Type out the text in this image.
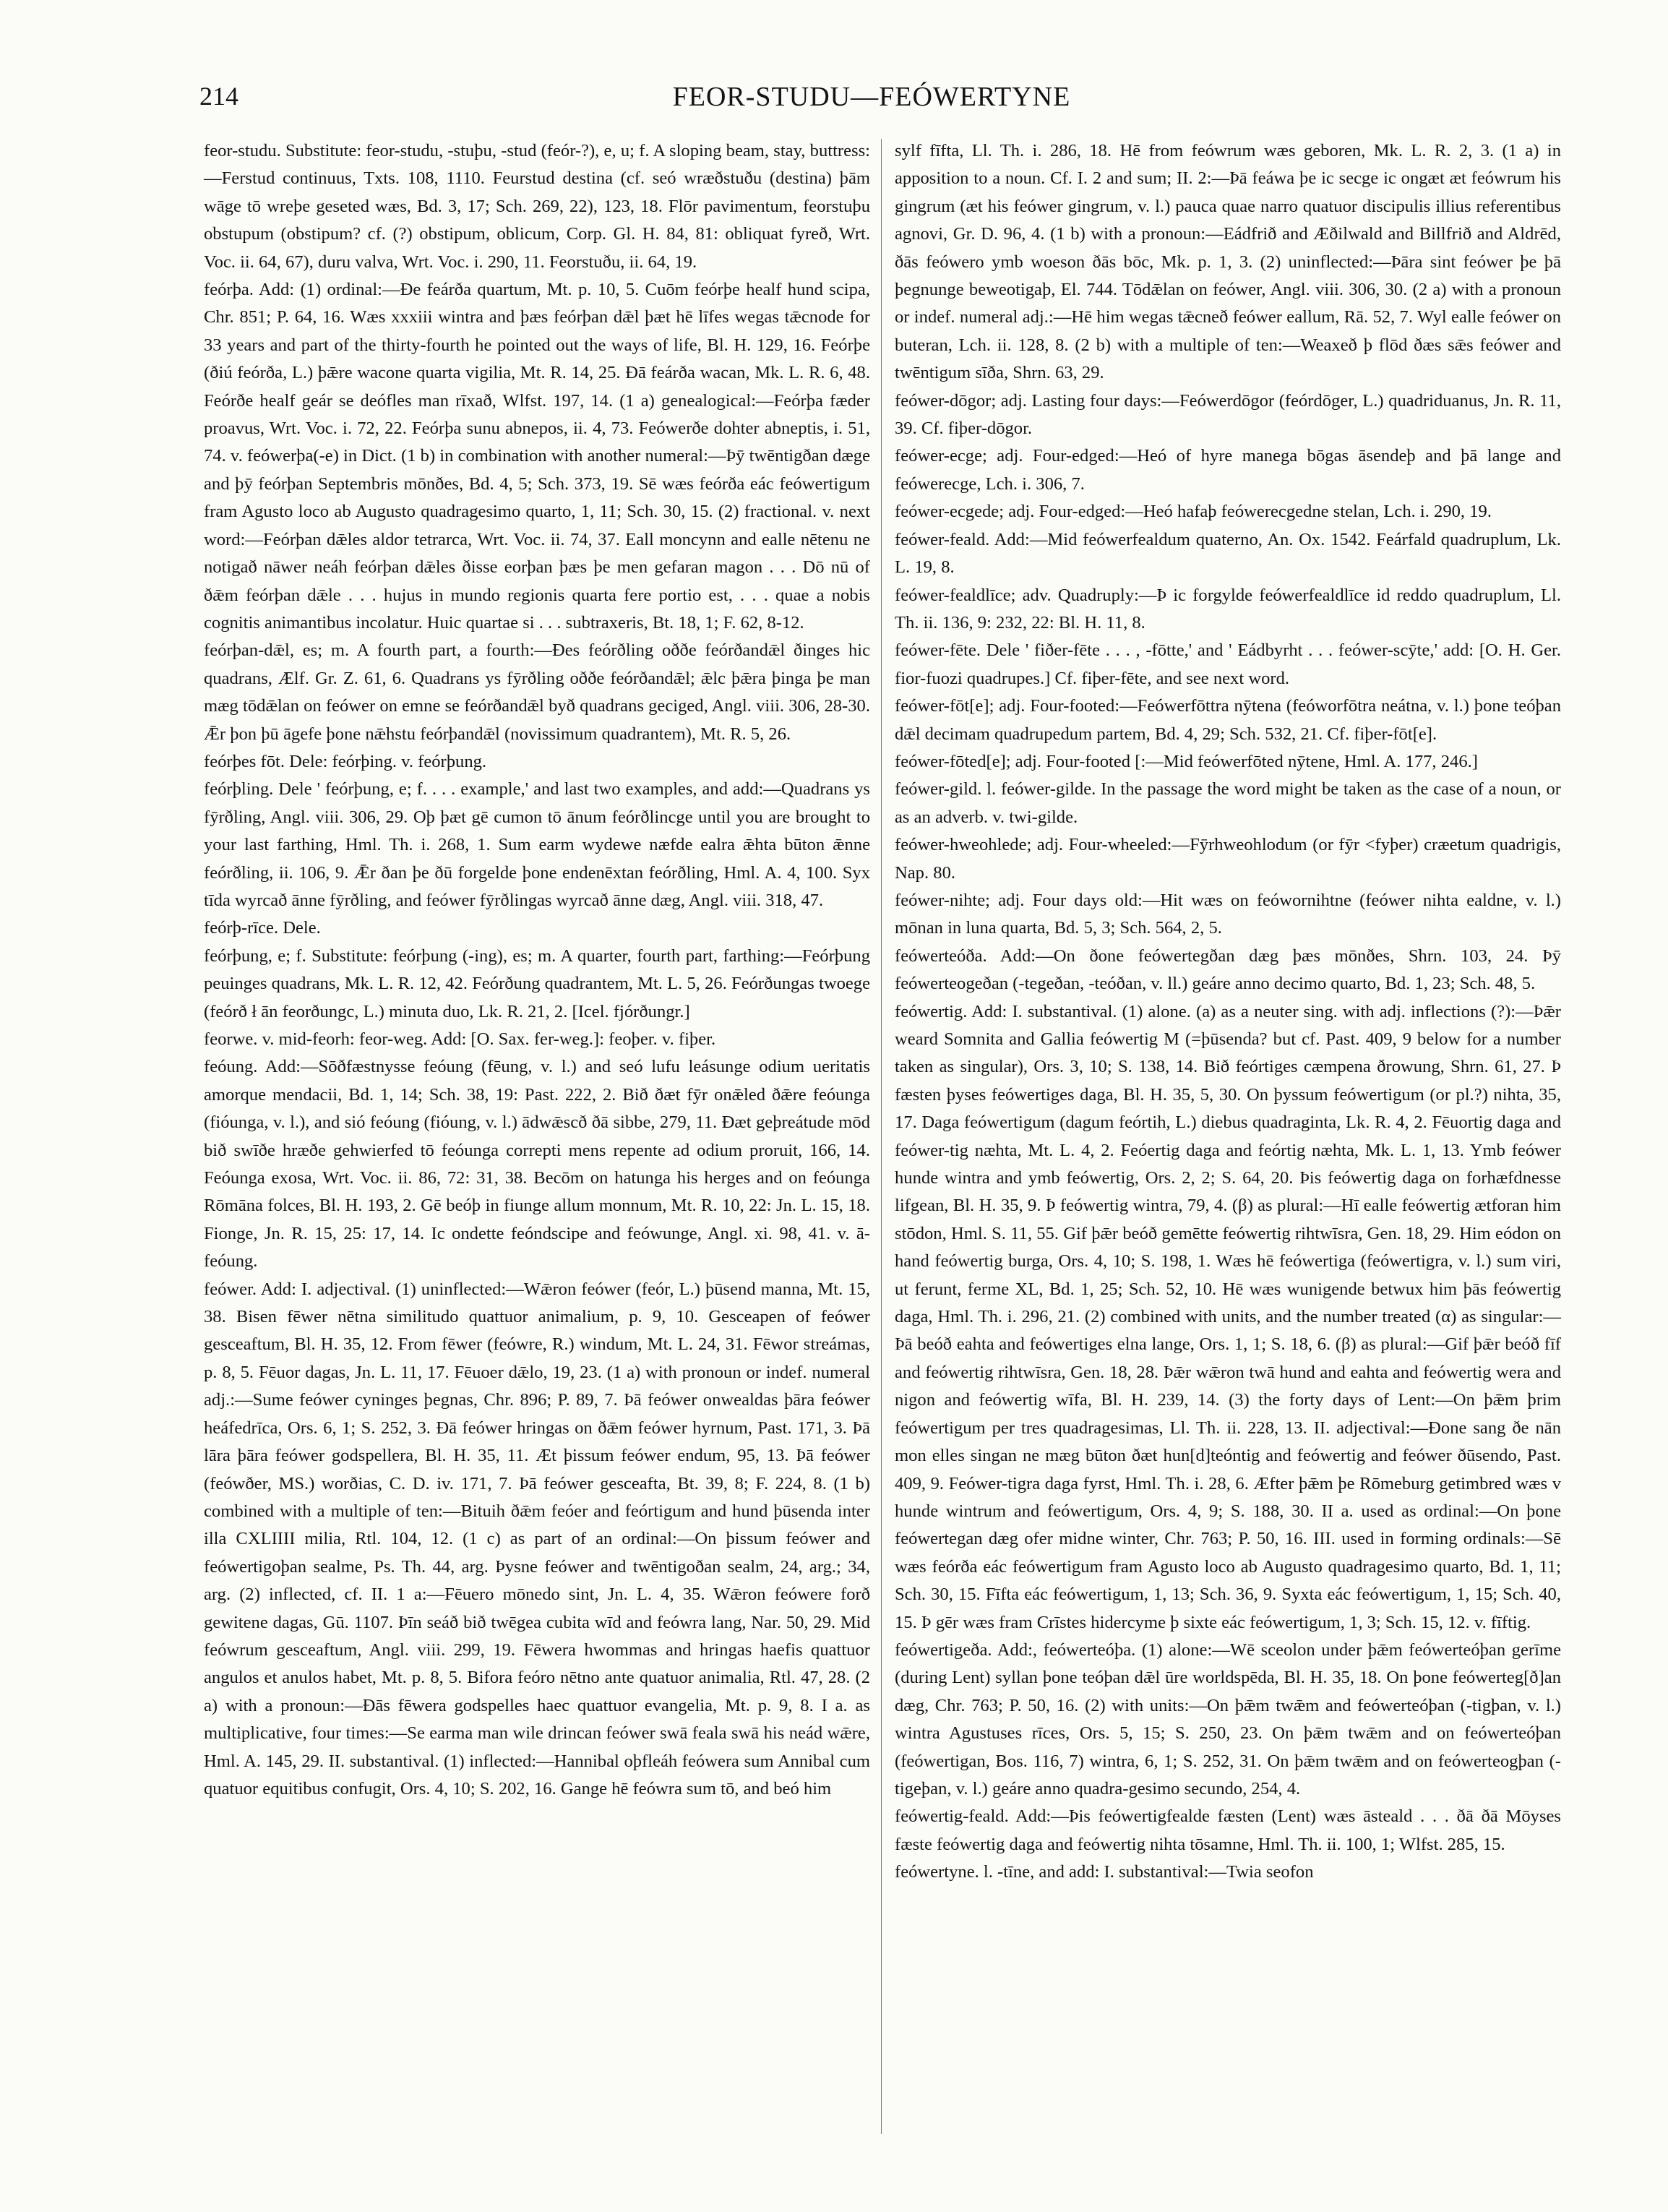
214	FEOR-STUDU—FEÓWERTYNE

feor-studu. Substitute: feor-studu, -stuþu, -stud (feór-?), e, u; f. A sloping beam, stay, buttress:—Ferstud continuus, Txts. 108, 1110. Feurstud destina (cf. seó wræðstuðu (destina) þām wāge tō wreþe geseted wæs, Bd. 3, 17; Sch. 269, 22), 123, 18. Flōr pavimentum, feorstuþu obstupum (obstipum? cf. (?) obstipum, oblicum, Corp. Gl. H. 84, 81: obliquat fyreð, Wrt. Voc. ii. 64, 67), duru valva, Wrt. Voc. i. 290, 11. Feorstuðu, ii. 64, 19.

feórþa. Add: (1) ordinal:—Ðe feárða quartum, Mt. p. 10, 5. Cuōm feórþe healf hund scipa, Chr. 851; P. 64, 16. Wæs xxxiii wintra and þæs feórþan dǣl þæt hē līfes wegas tǣcnode for 33 years and part of the thirty-fourth he pointed out the ways of life, Bl. H. 129, 16. Feórþe (ðiú feórða, L.) þǣre wacone quarta vigilia, Mt. R. 14, 25. Ðā feárða wacan, Mk. L. R. 6, 48. Feórðe healf geár se deófles man rīxað, Wlfst. 197, 14. (1 a) genealogical:—Feórþa fæder proavus, Wrt. Voc. i. 72, 22. Feórþa sunu abnepos, ii. 4, 73. Feówerðe dohter abneptis, i. 51, 74. v. feówerþa(-e) in Dict. (1 b) in combination with another numeral:—Þȳ twēntigðan dæge and þȳ feórþan Septembris mōnðes, Bd. 4, 5; Sch. 373, 19. Sē wæs feórða eác feówertigum fram Agusto loco ab Augusto quadragesimo quarto, 1, 11; Sch. 30, 15. (2) fractional. v. next word:—Feórþan dǣles aldor tetrarca, Wrt. Voc. ii. 74, 37. Eall moncynn and ealle nētenu ne notigað nāwer neáh feórþan dǣles ðisse eorþan þæs þe men gefaran magon . . . Dō nū of ðǣm feórþan dǣle . . . hujus in mundo regionis quarta fere portio est, . . . quae a nobis cognitis animantibus incolatur. Huic quartae si . . . subtraxeris, Bt. 18, 1; F. 62, 8-12.

feórþan-dǣl, es; m. A fourth part, a fourth:—Ðes feórðling oððe feórðandǣl ðinges hic quadrans, Ælf. Gr. Z. 61, 6. Quadrans ys fȳrðling oððe feórðandǣl; ǣlc þǣra þinga þe man mæg tōdǣlan on feówer on emne se feórðandǣl byð quadrans geciged, Angl. viii. 306, 28-30. Ǣr þon þū āgefe þone nǣhstu feórþandǣl (novissimum quadrantem), Mt. R. 5, 26.

feórþes fōt. Dele: feórþing. v. feórþung.

feórþling. Dele ' feórþung, e; f. . . . example,' and last two examples, and add:—Quadrans ys fȳrðling, Angl. viii. 306, 29. Oþ þæt gē cumon tō ānum feórðlincge until you are brought to your last farthing, Hml. Th. i. 268, 1. Sum earm wydewe næfde ealra ǣhta būton ǣnne feórðling, ii. 106, 9. Ǣr ðan þe ðū forgelde þone endenēxtan feórðling, Hml. A. 4, 100. Syx tīda wyrcað ānne fȳrðling, and feówer fȳrðlingas wyrcað ānne dæg, Angl. viii. 318, 47.

feórþ-rīce. Dele.

feórþung, e; f. Substitute: feórþung (-ing), es; m. A quarter, fourth part, farthing:—Feórþung peuinges quadrans, Mk. L. R. 12, 42. Feórðung quadrantem, Mt. L. 5, 26. Feórðungas twoege (feórð ł ān feorðungc, L.) minuta duo, Lk. R. 21, 2. [Icel. fjórðungr.]

feorwe. v. mid-feorh: feor-weg. Add: [O. Sax. fer-weg.]: feoþer. v. fiþer.

feóung. Add:—Sōðfæstnysse feóung (fēung, v. l.) and seó lufu leásunge odium ueritatis amorque mendacii, Bd. 1, 14; Sch. 38, 19: Past. 222, 2. Bið ðæt fȳr onǣled ðǣre feóunga (fióunga, v. l.), and sió feóung (fióung, v. l.) ādwǣscð ðā sibbe, 279, 11. Ðæt geþreátude mōd bið swīðe hræðe gehwierfed tō feóunga correpti mens repente ad odium proruit, 166, 14. Feóunga exosa, Wrt. Voc. ii. 86, 72: 31, 38. Becōm on hatunga his herges and on feóunga Rōmāna folces, Bl. H. 193, 2. Gē beóþ in fiunge allum monnum, Mt. R. 10, 22: Jn. L. 15, 18. Fionge, Jn. R. 15, 25: 17, 14. Ic ondette feóndscipe and feówunge, Angl. xi. 98, 41. v. ā-feóung.

feówer. Add: I. adjectival. (1) uninflected:—Wǣron feówer (feór, L.) þūsend manna, Mt. 15, 38. Bisen fēwer nētna similitudo quattuor animalium, p. 9, 10. Gesceapen of feówer gesceaftum, Bl. H. 35, 12. From fēwer (feówre, R.) windum, Mt. L. 24, 31. Fēwor streámas, p. 8, 5. Fēuor dagas, Jn. L. 11, 17. Fēuoer dǣlo, 19, 23. (1 a) with pronoun or indef. numeral adj.:—Sume feówer cyninges þegnas, Chr. 896; P. 89, 7. Þā feówer onwealdas þāra feówer heáfedrīca, Ors. 6, 1; S. 252, 3. Ðā feówer hringas on ðǣm feówer hyrnum, Past. 171, 3. Þā lāra þāra feówer godspellera, Bl. H. 35, 11. Æt þissum feówer endum, 95, 13. Þā feówer (feówðer, MS.) worðias, C. D. iv. 171, 7. Þā feówer gesceafta, Bt. 39, 8; F. 224, 8. (1 b) combined with a multiple of ten:—Bituih ðǣm feóer and feórtigum and hund þūsenda inter illa CXLIIII milia, Rtl. 104, 12. (1 c) as part of an ordinal:—On þissum feówer and feówertigoþan sealme, Ps. Th. 44, arg. Þysne feówer and twēntigoðan sealm, 24, arg.; 34, arg. (2) inflected, cf. II. 1 a:—Fēuero mōnedo sint, Jn. L. 4, 35. Wǣron feówere forð gewitene dagas, Gū. 1107. Þīn seáð bið twēgea cubita wīd and feówra lang, Nar. 50, 29. Mid feówrum gesceaftum, Angl. viii. 299, 19. Fēwera hwommas and hringas haefis quattuor angulos et anulos habet, Mt. p. 8, 5. Bifora feóro nētno ante quatuor animalia, Rtl. 47, 28. (2 a) with a pronoun:—Ðās fēwera godspelles haec quattuor evangelia, Mt. p. 9, 8. I a. as multiplicative, four times:—Se earma man wile drincan feówer swā feala swā his neád wǣre, Hml. A. 145, 29. II. substantival. (1) inflected:—Hannibal oþfleáh feówera sum Annibal cum quatuor equitibus confugit, Ors. 4, 10; S. 202, 16. Gange hē feówra sum tō, and beó him

sylf fīfta, Ll. Th. i. 286, 18. Hē from feówrum wæs geboren, Mk. L. R. 2, 3. (1 a) in apposition to a noun. Cf. I. 2 and sum; II. 2:—Þā feáwa þe ic secge ic ongæt æt feówrum his gingrum (æt his feówer gingrum, v. l.) pauca quae narro quatuor discipulis illius referentibus agnovi, Gr. D. 96, 4. (1 b) with a pronoun:—Eádfrið and Æðilwald and Billfrið and Aldrēd, ðās feówero ymb woeson ðās bōc, Mk. p. 1, 3. (2) uninflected:—Þāra sint feówer þe þā þegnunge beweotigaþ, El. 744. Tōdǣlan on feówer, Angl. viii. 306, 30. (2 a) with a pronoun or indef. numeral adj.:—Hē him wegas tǣcneð feówer eallum, Rā. 52, 7. Wyl ealle feówer on buteran, Lch. ii. 128, 8. (2 b) with a multiple of ten:—Weaxeð þ flōd ðæs sǣs feówer and twēntigum sīða, Shrn. 63, 29.

feówer-dōgor; adj. Lasting four days:—Feówerdōgor (feórdōger, L.) quadriduanus, Jn. R. 11, 39. Cf. fiþer-dōgor.

feówer-ecge; adj. Four-edged:—Heó of hyre manega bōgas āsendeþ and þā lange and feówerecge, Lch. i. 306, 7.

feówer-ecgede; adj. Four-edged:—Heó hafaþ feówerecgedne stelan, Lch. i. 290, 19.

feówer-feald. Add:—Mid feówerfealdum quaterno, An. Ox. 1542. Feárfald quadruplum, Lk. L. 19, 8.

feówer-fealdlīce; adv. Quadruply:—Þ ic forgylde feówerfealdlīce id reddo quadruplum, Ll. Th. ii. 136, 9: 232, 22: Bl. H. 11, 8.

feówer-fēte. Dele ' fiðer-fēte . . . , -fōtte,' and ' Eádbyrht . . . feówer-scȳte,' add: [O. H. Ger. fior-fuozi quadrupes.] Cf. fiþer-fēte, and see next word.

feówer-fōt[e]; adj. Four-footed:—Feówerfōttra nȳtena (feóworfōtra neátna, v. l.) þone teóþan dǣl decimam quadrupedum partem, Bd. 4, 29; Sch. 532, 21. Cf. fiþer-fōt[e].

feówer-fōted[e]; adj. Four-footed [:—Mid feówerfōted nȳtene, Hml. A. 177, 246.]

feówer-gild. l. feówer-gilde. In the passage the word might be taken as the case of a noun, or as an adverb. v. twi-gilde.

feówer-hweohlede; adj. Four-wheeled:—Fȳrhweohlodum (or fȳr <fyþer) cræetum quadrigis, Nap. 80.

feówer-nihte; adj. Four days old:—Hit wæs on feówornihtne (feówer nihta ealdne, v. l.) mōnan in luna quarta, Bd. 5, 3; Sch. 564, 2, 5.

feówerteóða. Add:—On ðone feówertegðan dæg þæs mōnðes, Shrn. 103, 24. Þȳ feówerteogeðan (-tegeðan, -teóðan, v. ll.) geáre anno decimo quarto, Bd. 1, 23; Sch. 48, 5.

feówertig. Add: I. substantival. (1) alone. (a) as a neuter sing. with adj. inflections (?):—Þǣr weard Somnita and Gallia feówertig M (=þūsenda? but cf. Past. 409, 9 below for a number taken as singular), Ors. 3, 10; S. 138, 14. Bið feórtiges cæmpena ðrowung, Shrn. 61, 27. Þ fæsten þyses feówertiges daga, Bl. H. 35, 5, 30. On þyssum feówertigum (or pl.?) nihta, 35, 17. Daga feówertigum (dagum feórtih, L.) diebus quadraginta, Lk. R. 4, 2. Fēuortig daga and feówer-tig næhta, Mt. L. 4, 2. Feóertig daga and feórtig næhta, Mk. L. 1, 13. Ymb feówer hunde wintra and ymb feówertig, Ors. 2, 2; S. 64, 20. Þis feówertig daga on forhæfdnesse lifgean, Bl. H. 35, 9. Þ feówertig wintra, 79, 4. (β) as plural:—Hī ealle feówertig ætforan him stōdon, Hml. S. 11, 55. Gif þǣr beóð gemētte feówertig rihtwīsra, Gen. 18, 29. Him eódon on hand feówertig burga, Ors. 4, 10; S. 198, 1. Wæs hē feówertiga (feówertigra, v. l.) sum viri, ut ferunt, ferme XL, Bd. 1, 25; Sch. 52, 10. Hē wæs wunigende betwux him þās feówertig daga, Hml. Th. i. 296, 21. (2) combined with units, and the number treated (α) as singular:—Þā beóð eahta and feówertiges elna lange, Ors. 1, 1; S. 18, 6. (β) as plural:—Gif þǣr beóð fīf and feówertig rihtwīsra, Gen. 18, 28. Þǣr wǣron twā hund and eahta and feówertig wera and nigon and feówertig wīfa, Bl. H. 239, 14. (3) the forty days of Lent:—On þǣm þrim feówertigum per tres quadragesimas, Ll. Th. ii. 228, 13. II. adjectival:—Ðone sang ðe nān mon elles singan ne mæg būton ðæt hun[d]teóntig and feówertig and feówer ðūsendo, Past. 409, 9. Feówer-tigra daga fyrst, Hml. Th. i. 28, 6. Æfter þǣm þe Rōmeburg getimbred wæs v hunde wintrum and feówertigum, Ors. 4, 9; S. 188, 30. II a. used as ordinal:—On þone feówertegan dæg ofer midne winter, Chr. 763; P. 50, 16. III. used in forming ordinals:—Sē wæs feórða eác feówertigum fram Agusto loco ab Augusto quadragesimo quarto, Bd. 1, 11; Sch. 30, 15. Fīfta eác feówertigum, 1, 13; Sch. 36, 9. Syxta eác feówertigum, 1, 15; Sch. 40, 15. Þ gēr wæs fram Crīstes hidercyme þ sixte eác feówertigum, 1, 3; Sch. 15, 12. v. fīftig.

feówertigeða. Add:, feówerteóþa. (1) alone:—Wē sceolon under þǣm feówerteóþan gerīme (during Lent) syllan þone teóþan dǣl ūre worldspēda, Bl. H. 35, 18. On þone feówerteg[ð]an dæg, Chr. 763; P. 50, 16. (2) with units:—On þǣm twǣm and feówerteóþan (-tigþan, v. l.) wintra Agustuses rīces, Ors. 5, 15; S. 250, 23. On þǣm twǣm and on feówerteóþan (feówertigan, Bos. 116, 7) wintra, 6, 1; S. 252, 31. On þǣm twǣm and on feówerteogþan (-tigeþan, v. l.) geáre anno quadra-gesimo secundo, 254, 4.

feówertig-feald. Add:—Þis feówertigfealde fæsten (Lent) wæs āsteald . . . ðā ðā Mōyses fæste feówertig daga and feówertig nihta tōsamne, Hml. Th. ii. 100, 1; Wlfst. 285, 15.

feówertyne. l. -tīne, and add: I. substantival:—Twia seofon
